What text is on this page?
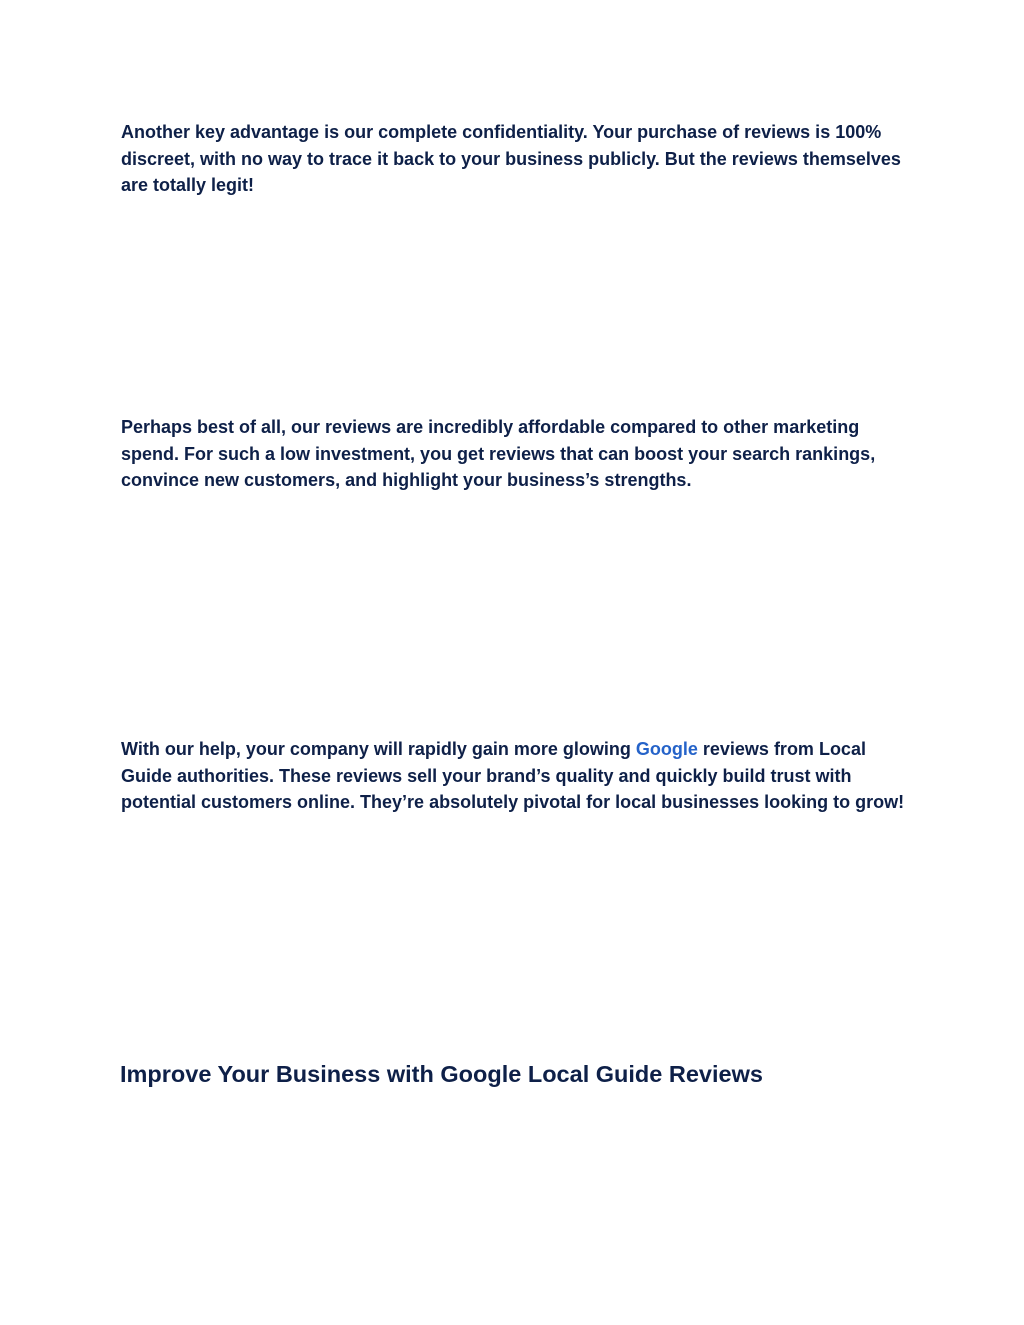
Another key advantage is our complete confidentiality. Your purchase of reviews is 100% discreet, with no way to trace it back to your business publicly. But the reviews themselves are totally legit!

Perhaps best of all, our reviews are incredibly affordable compared to other marketing spend. For such a low investment, you get reviews that can boost your search rankings, convince new customers, and highlight your business’s strengths.

With our help, your company will rapidly gain more glowing Google reviews from Local Guide authorities. These reviews sell your brand’s quality and quickly build trust with potential customers online. They’re absolutely pivotal for local businesses looking to grow!

Improve Your Business with Google Local Guide Reviews
